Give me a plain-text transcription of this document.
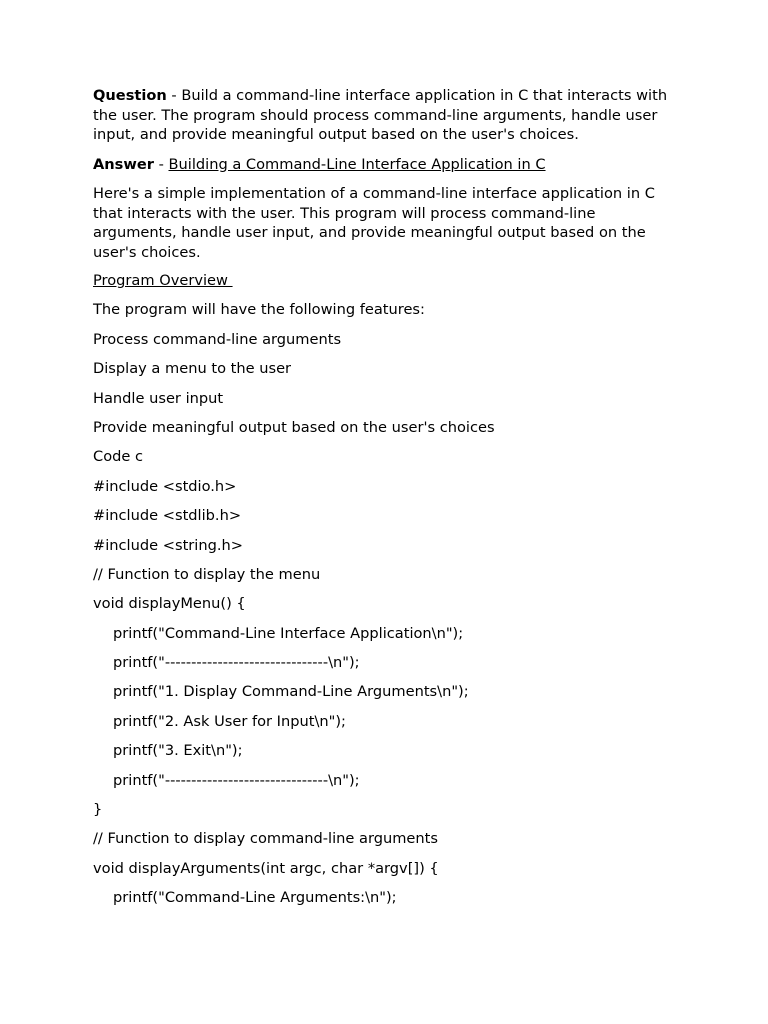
Question - Build a command-line interface application in C that interacts with the user. The program should process command-line arguments, handle user input, and provide meaningful output based on the user's choices.

Answer - Building a Command-Line Interface Application in C

Here's a simple implementation of a command-line interface application in C that interacts with the user. This program will process command-line arguments, handle user input, and provide meaningful output based on the user's choices.

Program Overview
The program will have the following features:
Process command-line arguments
Display a menu to the user
Handle user input
Provide meaningful output based on the user's choices
Code c
#include <stdio.h>
#include <stdlib.h>
#include <string.h>
// Function to display the menu
void displayMenu() {
printf("Command-Line Interface Application\n");
printf("-------------------------------\n");
printf("1. Display Command-Line Arguments\n");
printf("2. Ask User for Input\n");
printf("3. Exit\n");
printf("-------------------------------\n");
}
// Function to display command-line arguments
void displayArguments(int argc, char *argv[]) {
printf("Command-Line Arguments:\n");
